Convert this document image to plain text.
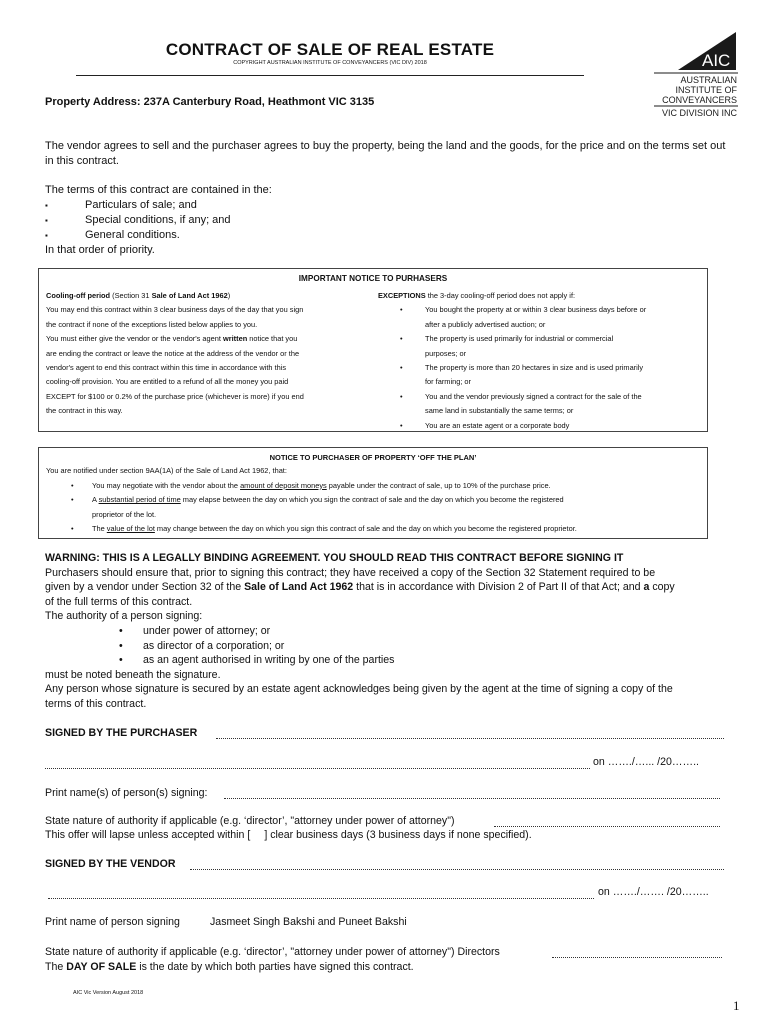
CONTRACT OF SALE OF REAL ESTATE
COPYRIGHT AUSTRALIAN INSTITUTE OF CONVEYANCERS (VIC DIV) 2018	AIC
AUSTRALIAN
INSTITUTE OF
CONVEYANCERS
VIC DIVISION INC
Property Address: 237A Canterbury Road, Heathmont VIC 3135
The vendor agrees to sell and the purchaser agrees to buy the property, being the land and the goods, for the price and on the terms set out in this contract.
The terms of this contract are contained in the:
▪	Particulars of sale; and
▪	Special conditions, if any; and
▪	General conditions.
In that order of priority.
IMPORTANT NOTICE TO PURHASERS
Cooling-off period (Section 31 Sale of Land Act 1962)
You may end this contract within 3 clear business days of the day that you sign
the contract if none of the exceptions listed below applies to you.
You must either give the vendor or the vendor's agent written notice that you
are ending the contract or leave the notice at the address of the vendor or the
vendor's agent to end this contract within this time in accordance with this
cooling-off provision. You are entitled to a refund of all the money you paid
EXCEPT for $100 or 0.2% of the purchase price (whichever is more) if you end
the contract in this way.
EXCEPTIONS the 3-day cooling-off period does not apply if:
•	You bought the property at or within 3 clear business days before or
after a publicly advertised auction; or
•	The property is used primarily for industrial or commercial
purposes; or
•	The property is more than 20 hectares in size and is used primarily
for farming; or
•	You and the vendor previously signed a contract for the sale of the
same land in substantially the same terms; or
•	You are an estate agent or a corporate body
NOTICE TO PURCHASER OF PROPERTY ‘OFF THE PLAN’
You are notified under section 9AA(1A) of the Sale of Land Act 1962, that:
• You may negotiate with the vendor about the amount of deposit moneys payable under the contract of sale, up to 10% of the purchase price.
• A substantial period of time may elapse between the day on which you sign the contract of sale and the day on which you become the registered
proprietor of the lot.
• The value of the lot may change between the day on which you sign this contract of sale and the day on which you become the registered proprietor.
WARNING: THIS IS A LEGALLY BINDING AGREEMENT. YOU SHOULD READ THIS CONTRACT BEFORE SIGNING IT
Purchasers should ensure that, prior to signing this contract; they have received a copy of the Section 32 Statement required to be
given by a vendor under Section 32 of the Sale of Land Act 1962 that is in accordance with Division 2 of Part II of that Act; and a copy
of the full terms of this contract.
The authority of a person signing:
• under power of attorney; or
• as director of a corporation; or
• as an agent authorised in writing by one of the parties
must be noted beneath the signature.
Any person whose signature is secured by an estate agent acknowledges being given by the agent at the time of signing a copy of the
terms of this contract.
SIGNED BY THE PURCHASER
on ……./…... /20……..
Print name(s) of person(s) signing:
State nature of authority if applicable (e.g. ‘director’, "attorney under power of attorney")
This offer will lapse unless accepted within [ ] clear business days (3 business days if none specified).
SIGNED BY THE VENDOR
on ……./……. /20……..
Print name of person signing	Jasmeet Singh Bakshi and Puneet Bakshi
State nature of authority if applicable (e.g. ‘director’, "attorney under power of attorney") Directors
The DAY OF SALE is the date by which both parties have signed this contract.
AIC Vic Version August 2018
1
